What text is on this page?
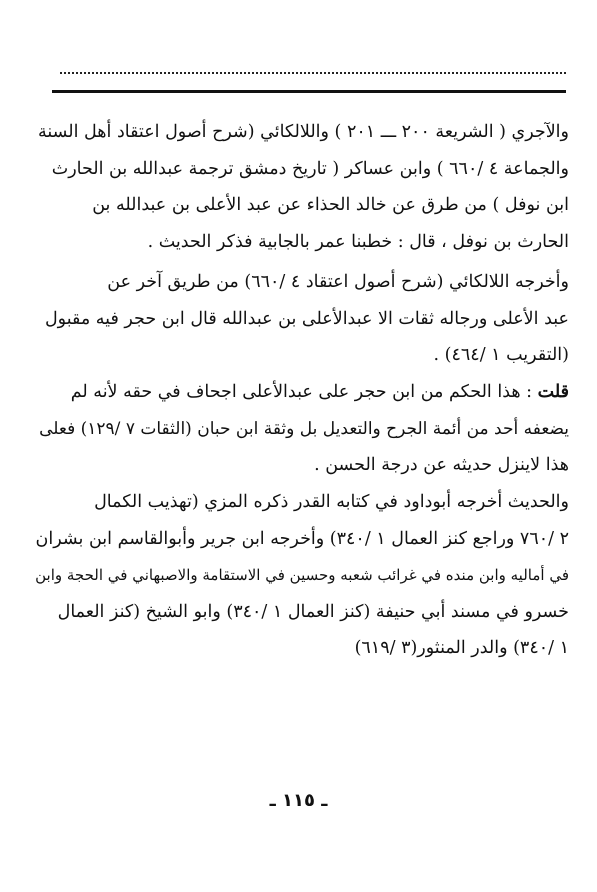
والآجري ( الشريعة ٢٠٠ ـــ ٢٠١ ) واللالكائي (شرح أصول اعتقاد أهل السنة
والجماعة ٤ /٦٦٠ ) وابن عساكر ( تاريخ دمشق ترجمة عبدالله بن الحارث
ابن نوفل ) من طرق عن خالد الحذاء عن عبد الأعلى بن عبدالله بن
الحارث بن نوفل ، قال : خطبنا عمر بالجابية فذكر الحديث .
وأخرجه اللالكائي (شرح أصول اعتقاد ٤ /٦٦٠) من طريق آخر عن
عبد الأعلى ورجاله ثقات الا عبدالأعلى بن عبدالله قال ابن حجر فيه مقبول
(التقريب ١ /٤٦٤) .
قلت : هذا الحكم من ابن حجر على عبدالأعلى اجحاف في حقه لأنه لم
يضعفه أحد من أئمة الجرح والتعديل بل وثقة ابن حبان (الثقات ٧ /١٢٩) فعلى
هذا لاينزل حديثه عن درجة الحسن .
والحديث أخرجه أبوداود في كتابه القدر ذكره المزي (تهذيب الكمال
٢ /٧٦٠ وراجع كنز العمال ١ /٣٤٠) وأخرجه ابن جرير وأبوالقاسم ابن بشران
في أماليه وابن منده في غرائب شعبه وحسين في الاستقامة والاصبهاني في الحجة وابن
خسرو في مسند أبي حنيفة (كنز العمال ١ /٣٤٠) وابو الشيخ (كنز العمال
١ /٣٤٠) والدر المنثور(٣ /٦١٩)
ـ ١١٥ ـ
